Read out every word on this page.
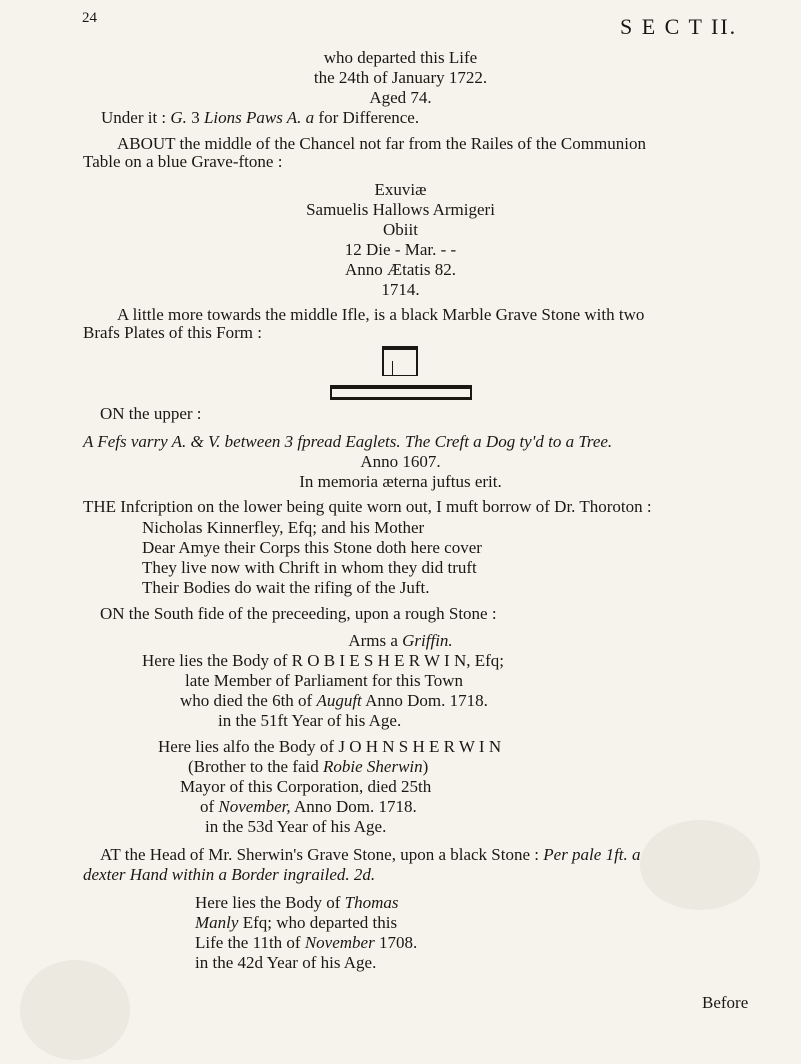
24	S E C T II.
who departed this Life
the 24th of January 1722.
Aged 74.
Under it : G. 3 Lions Paws A. a for Difference.
ABOUT the middle of the Chancel not far from the Railes of the Communion
Table on a blue Grave-ftone :
Exuviæ
Samuelis Hallows Armigeri
Obiit
12 Die - Mar. - -
Anno Ætatis 82.
1714.
A little more towards the middle Ifle, is a black Marble Grave Stone with two
Brafs Plates of this Form :
ON the upper :
A Fefs varry A. & V. between 3 fpread Eaglets. The Creft a Dog ty'd to a Tree.
Anno 1607.
In memoria æterna juftus erit.
THE Infcription on the lower being quite worn out, I muft borrow of Dr. Thoroton :
Nicholas Kinnerfley, Efq; and his Mother
Dear Amye their Corps this Stone doth here cover
They live now with Chrift in whom they did truft
Their Bodies do wait the rifing of the Juft.
ON the South fide of the preceeding, upon a rough Stone :
Arms a Griffin.
Here lies the Body of R O B I E S H E R W I N, Efq;
late Member of Parliament for this Town
who died the 6th of Auguft Anno Dom. 1718.
in the 51ft Year of his Age.
Here lies alfo the Body of J O H N S H E R W I N
(Brother to the faid Robie Sherwin)
Mayor of this Corporation, died 25th
of November, Anno Dom. 1718.
in the 53d Year of his Age.
AT the Head of Mr. Sherwin's Grave Stone, upon a black Stone : Per pale 1ft. a
dexter Hand within a Border ingrailed. 2d.
Here lies the Body of Thomas
Manly Efq; who departed this
Life the 11th of November 1708.
in the 42d Year of his Age.
Before
